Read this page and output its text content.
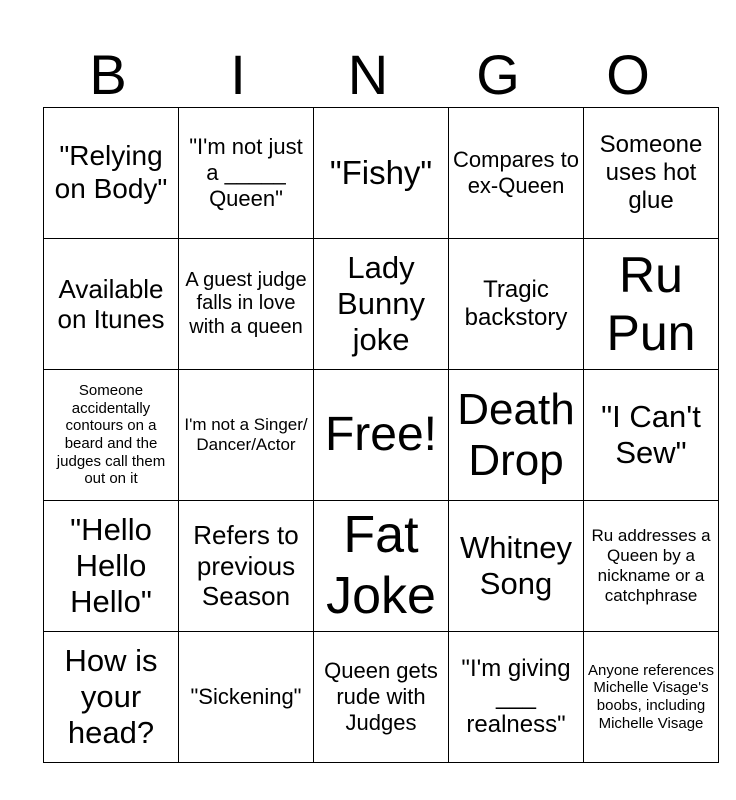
B	I	N	G	O
"Relying on Body"	"I'm not just a _____ Queen"	"Fishy"	Compares to ex-Queen	Someone uses hot glue
Available on Itunes	A guest judge falls in love with a queen	Lady Bunny joke	Tragic backstory	Ru Pun
Someone accidentally contours on a beard and the judges call them out on it	I'm not a Singer/ Dancer/Actor	Free!	Death Drop	"I Can't Sew"
"Hello Hello Hello"	Refers to previous Season	Fat Joke	Whitney Song	Ru addresses a Queen by a nickname or a catchphrase
How is your head?	"Sickening"	Queen gets rude with Judges	"I'm giving ___ realness"	Anyone references Michelle Visage's boobs, including Michelle Visage
